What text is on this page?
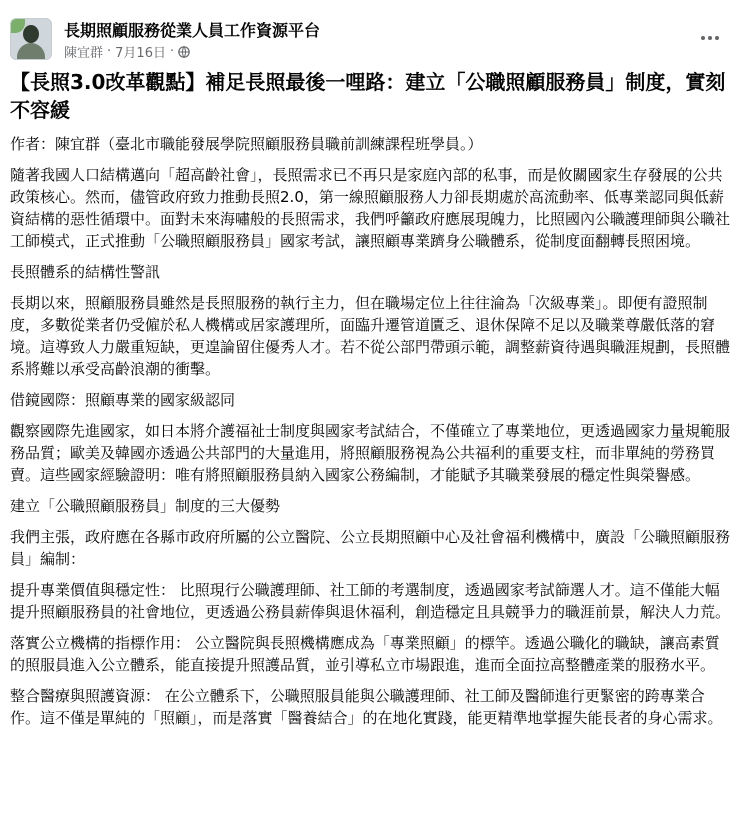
長期照顧服務從業人員工作資源平台
陳宜群 · 7月16日 ·
【長照3.0改革觀點】補足長照最後一哩路：建立「公職照顧服務員」制度，實刻不容緩

作者：陳宜群（臺北市職能發展學院照顧服務員職前訓練課程班學員。）

隨著我國人口結構邁向「超高齡社會」，長照需求已不再只是家庭內部的私事，而是攸關國家生存發展的公共政策核心。然而，儘管政府致力推動長照2.0，第一線照顧服務人力卻長期處於高流動率、低專業認同與低薪資結構的惡性循環中。面對未來海嘯般的長照需求，我們呼籲政府應展現魄力，比照國內公職護理師與公職社工師模式，正式推動「公職照顧服務員」國家考試，讓照顧專業躋身公職體系，從制度面翻轉長照困境。

長照體系的結構性警訊

長期以來，照顧服務員雖然是長照服務的執行主力，但在職場定位上往往淪為「次級專業」。即便有證照制度，多數從業者仍受僱於私人機構或居家護理所，面臨升遷管道匱乏、退休保障不足以及職業尊嚴低落的窘境。這導致人力嚴重短缺，更遑論留住優秀人才。若不從公部門帶頭示範，調整薪資待遇與職涯規劃，長照體系將難以承受高齡浪潮的衝擊。

借鏡國際：照顧專業的國家級認同

觀察國際先進國家，如日本將介護福祉士制度與國家考試結合，不僅確立了專業地位，更透過國家力量規範服務品質；歐美及韓國亦透過公共部門的大量進用，將照顧服務視為公共福利的重要支柱，而非單純的勞務買賣。這些國家經驗證明：唯有將照顧服務員納入國家公務編制，才能賦予其職業發展的穩定性與榮譽感。

建立「公職照顧服務員」制度的三大優勢

我們主張，政府應在各縣市政府所屬的公立醫院、公立長期照顧中心及社會福利機構中，廣設「公職照顧服務員」編制：

提升專業價值與穩定性： 比照現行公職護理師、社工師的考選制度，透過國家考試篩選人才。這不僅能大幅提升照顧服務員的社會地位，更透過公務員薪俸與退休福利，創造穩定且具競爭力的職涯前景，解決人力荒。

落實公立機構的指標作用： 公立醫院與長照機構應成為「專業照顧」的標竿。透過公職化的職缺，讓高素質的照服員進入公立體系，能直接提升照護品質，並引導私立市場跟進，進而全面拉高整體產業的服務水平。

整合醫療與照護資源： 在公立體系下，公職照服員能與公職護理師、社工師及醫師進行更緊密的跨專業合作。這不僅是單純的「照顧」，而是落實「醫養結合」的在地化實踐，能更精準地掌握失能長者的身心需求。
